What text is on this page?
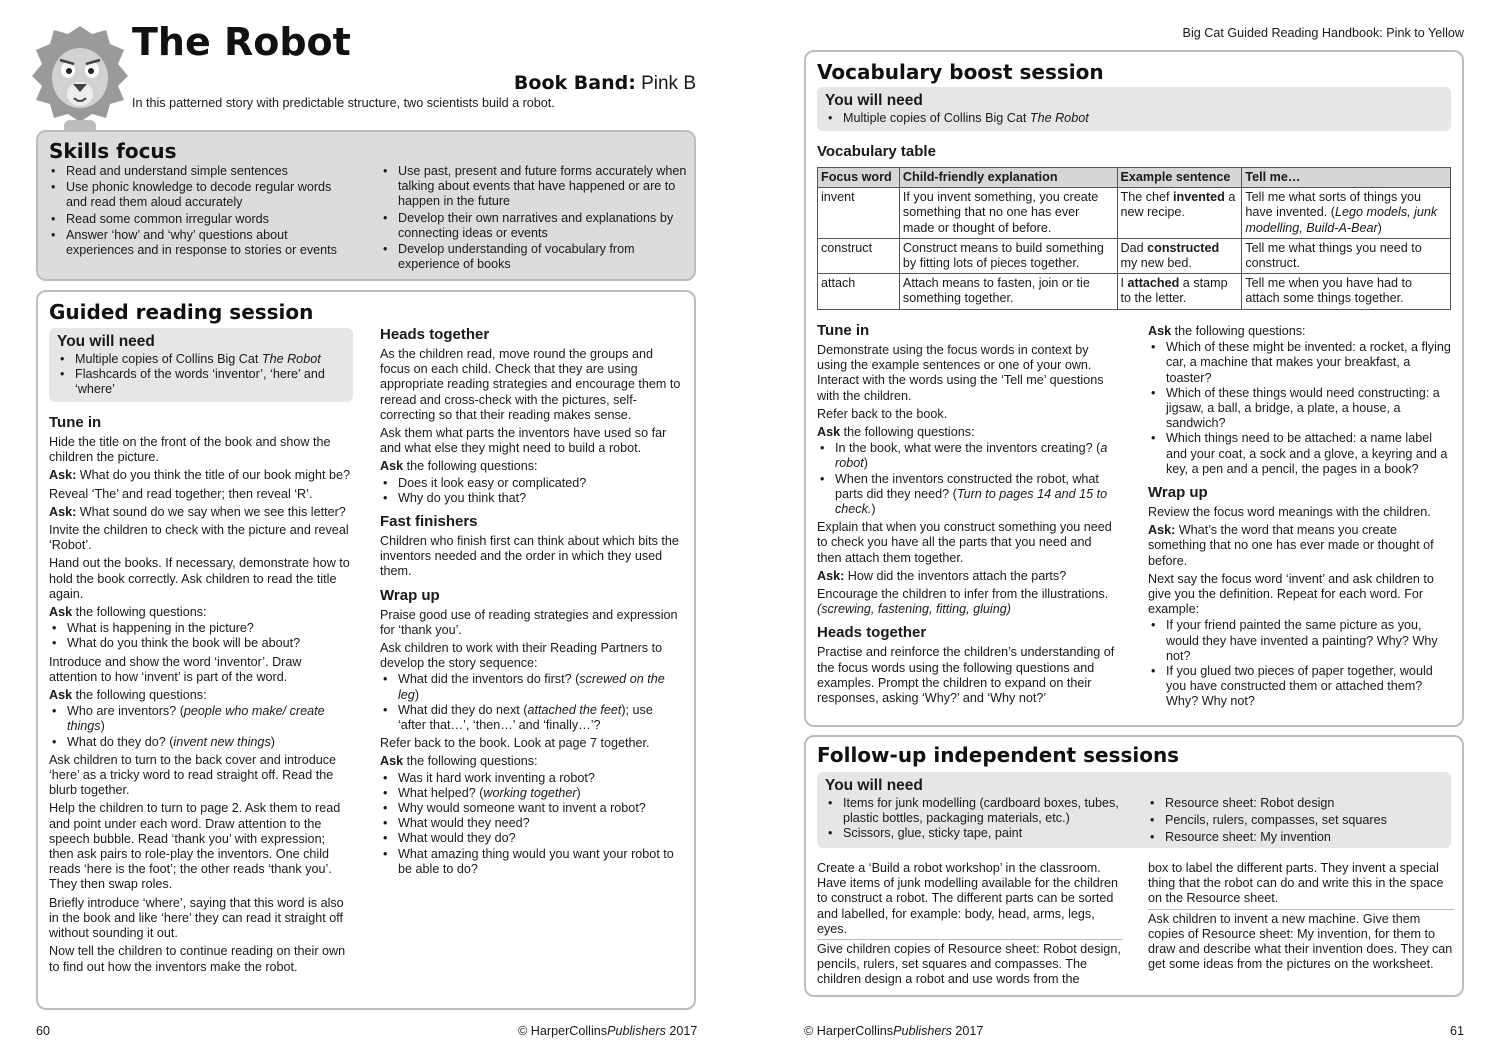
The Robot
Book Band: Pink B
In this patterned story with predictable structure, two scientists build a robot.
Skills focus
• Read and understand simple sentences
• Use phonic knowledge to decode regular words and read them aloud accurately
• Read some common irregular words
• Answer ‘how’ and ‘why’ questions about experiences and in response to stories or events
• Use past, present and future forms accurately when talking about events that have happened or are to happen in the future
• Develop their own narratives and explanations by connecting ideas or events
• Develop understanding of vocabulary from experience of books
Guided reading session
You will need
• Multiple copies of Collins Big Cat The Robot
• Flashcards of the words ‘inventor’, ‘here’ and ‘where’
Tune in

Hide the title on the front of the book and show the children the picture.

Ask: What do you think the title of our book might be?

Reveal ‘The’ and read together; then reveal ‘R’.

Ask: What sound do we say when we see this letter?

Invite the children to check with the picture and reveal ‘Robot’.

Hand out the books. If necessary, demonstrate how to hold the book correctly. Ask children to read the title again.

Ask the following questions:

• What is happening in the picture?
• What do you think the book will be about?

Introduce and show the word ‘inventor’. Draw attention to how ‘invent’ is part of the word.

Ask the following questions:

• Who are inventors? (people who make/ create things)
• What do they do? (invent new things)

Ask children to turn to the back cover and introduce ‘here’ as a tricky word to read straight off. Read the blurb together.

Help the children to turn to page 2. Ask them to read and point under each word. Draw attention to the speech bubble. Read ‘thank you’ with expression; then ask pairs to role-play the inventors. One child reads ‘here is the foot’; the other reads ‘thank you’. They then swap roles.

Briefly introduce ‘where’, saying that this word is also in the book and like ‘here’ they can read it straight off without sounding it out.

Now tell the children to continue reading on their own to find out how the inventors make the robot.

Heads together

As the children read, move round the groups and focus on each child. Check that they are using appropriate reading strategies and encourage them to reread and cross-check with the pictures, self-correcting so that their reading makes sense.

Ask them what parts the inventors have used so far and what else they might need to build a robot.

Ask the following questions:

• Does it look easy or complicated?
• Why do you think that?
Fast finishers

Children who finish first can think about which bits the inventors needed and the order in which they used them.

Wrap up

Praise good use of reading strategies and expression for ‘thank you’.

Ask children to work with their Reading Partners to develop the story sequence:

• What did the inventors do first? (screwed on the leg)
• What did they do next (attached the feet); use ‘after that…’, ‘then…’ and ‘finally…’?

Refer back to the book. Look at page 7 together.

Ask the following questions:

• Was it hard work inventing a robot?
• What helped? (working together)
• Why would someone want to invent a robot?
• What would they need?
• What would they do?
• What amazing thing would you want your robot to be able to do?
Big Cat Guided Reading Handbook: Pink to Yellow
Vocabulary boost session
You will need
• Multiple copies of Collins Big Cat The Robot
Vocabulary table
Focus word	Child-friendly explanation	Example sentence	Tell me…
invent	If you invent something, you create something that no one has ever made or thought of before.	The chef invented a new recipe.	Tell me what sorts of things you have invented. (Lego models, junk modelling, Build-A-Bear)
construct	Construct means to build something by fitting lots of pieces together.	Dad constructed my new bed.	Tell me what things you need to construct.
attach	Attach means to fasten, join or tie something together.	I attached a stamp to the letter.	Tell me when you have had to attach some things together.
Tune in

Demonstrate using the focus words in context by using the example sentences or one of your own. Interact with the words using the ‘Tell me’ questions with the children.

Refer back to the book.

Ask the following questions:

• In the book, what were the inventors creating? (a robot)
• When the inventors constructed the robot, what parts did they need? (Turn to pages 14 and 15 to check.)

Explain that when you construct something you need to check you have all the parts that you need and then attach them together.

Ask: How did the inventors attach the parts?

Encourage the children to infer from the illustrations.
(screwing, fastening, fitting, gluing)

Heads together

Practise and reinforce the children’s understanding of the focus words using the following questions and examples. Prompt the children to expand on their responses, asking ‘Why?’ and ‘Why not?’

Ask the following questions:

• Which of these might be invented: a rocket, a flying car, a machine that makes your breakfast, a toaster?
• Which of these things would need constructing: a jigsaw, a ball, a bridge, a plate, a house, a sandwich?
• Which things need to be attached: a name label and your coat, a sock and a glove, a keyring and a key, a pen and a pencil, the pages in a book?
Wrap up

Review the focus word meanings with the children.

Ask: What’s the word that means you create something that no one has ever made or thought of before.

Next say the focus word ‘invent’ and ask children to give you the definition. Repeat for each word. For example:

• If your friend painted the same picture as you, would they have invented a painting? Why? Why not?
• If you glued two pieces of paper together, would you have constructed them or attached them? Why? Why not?
Follow-up independent sessions
You will need
• Items for junk modelling (cardboard boxes, tubes, plastic bottles, packaging materials, etc.)
• Scissors, glue, sticky tape, paint
• Resource sheet: Robot design
• Pencils, rulers, compasses, set squares
• Resource sheet: My invention

Create a ‘Build a robot workshop’ in the classroom. Have items of junk modelling available for the children to construct a robot. The different parts can be sorted and labelled, for example: body, head, arms, legs, eyes.

Give children copies of Resource sheet: Robot design, pencils, rulers, set squares and compasses. The children design a robot and use words from the

box to label the different parts. They invent a special thing that the robot can do and write this in the space on the Resource sheet.

Ask children to invent a new machine. Give them copies of Resource sheet: My invention, for them to draw and describe what their invention does. They can get some ideas from the pictures on the worksheet.

60	© HarperCollinsPublishers 2017	© HarperCollinsPublishers 2017	61
